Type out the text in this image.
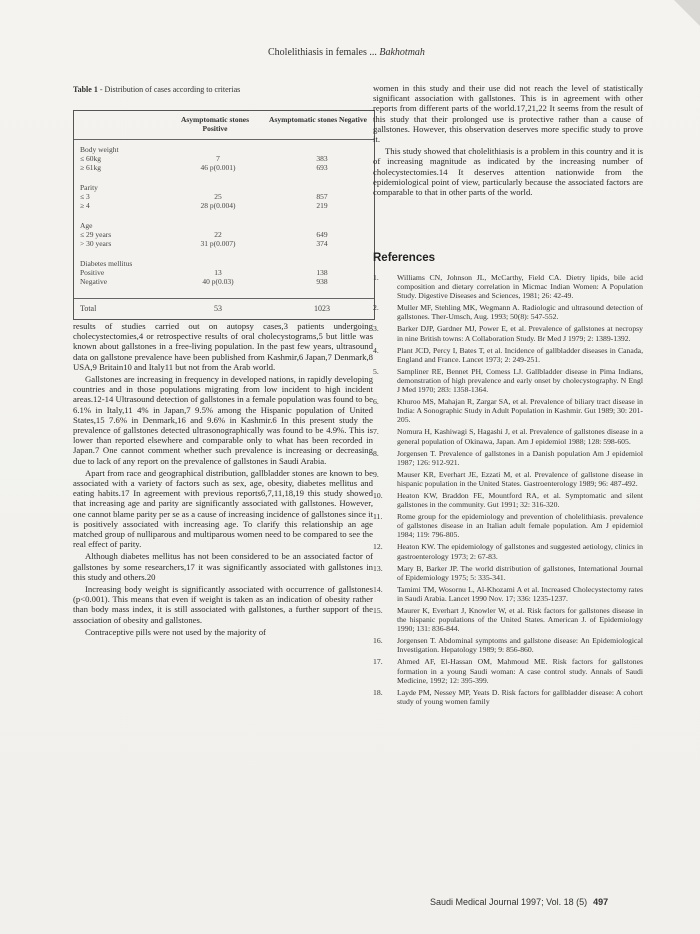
Cholelithiasis in females ... Bakhotmah
Table 1 - Distribution of cases according to criterias
Asymptomatic stones Positive
Asymptomatic stones Negative
Body weight
≤ 60kg	7	383
≥ 61kg	46 p(0.001)	693
Parity
≤ 3	25	857
≥ 4	28 p(0.004)	219
Age
≤ 29 years	22	649
> 30 years	31 p(0.007)	374
Diabetes mellitus
Positive	13	138
Negative	40 p(0.03)	938
Total	53	1023

results of studies carried out on autopsy cases,3 patients undergoing cholecystectomies,4 or retrospective results of oral cholecystograms,5 but little was known about gallstones in a free-living population. In the past few years, ultrasound data on gallstone prevalence have been published from Kashmir,6 Japan,7 Denmark,8 USA,9 Britain10 and Italy11 but not from the Arab world.

Gallstones are increasing in frequency in developed nations, in rapidly developing countries and in those populations migrating from low incident to high incident areas.12-14 Ultrasound detection of gallstones in a female population was found to be 6.1% in Italy,11 4% in Japan,7 9.5% among the Hispanic population of United States,15 7.6% in Denmark,16 and 9.6% in Kashmir.6 In this present study the prevalence of gallstones detected ultrasonographically was found to be 4.9%. This is lower than reported elsewhere and comparable only to what has been recorded in Japan.7 One cannot comment whether such prevalence is increasing or decreasing due to lack of any report on the prevalence of gallstones in Saudi Arabia.

Apart from race and geographical distribution, gallbladder stones are known to be associated with a variety of factors such as sex, age, obesity, diabetes mellitus and eating habits.17 In agreement with previous reports6,7,11,18,19 this study showed that increasing age and parity are significantly associated with gallstones. However, one cannot blame parity per se as a cause of increasing incidence of gallstones since it is positively associated with increasing age. To clarify this relationship an age matched group of nulliparous and multiparous women need to be compared to see the real effect of parity.

Although diabetes mellitus has not been considered to be an associated factor of gallstones by some researchers,17 it was significantly associated with gallstones in this study and others.20

Increasing body weight is significantly associated with occurrence of gallstones (p<0.001). This means that even if weight is taken as an indication of obesity rather than body mass index, it is still associated with gallstones, a further support of the association of obesity and gallstones.

Contraceptive pills were not used by the majority of

women in this study and their use did not reach the level of statistically significant association with gallstones. This is in agreement with other reports from different parts of the world.17,21,22 It seems from the result of this study that their prolonged use is protective rather than a cause of gallstones. However, this observation deserves more specific study to prove it.

This study showed that cholelithiasis is a problem in this country and it is of increasing magnitude as indicated by the increasing number of cholecystectomies.14 It deserves attention nationwide from the epidemiological point of view, particularly because the associated factors are comparable to that in other parts of the world.

References
1.	Williams CN, Johnson JL, McCarthy, Field CA. Dietry lipids, bile acid composition and dietary correlation in Micmac Indian Women: A Population Study. Digestive Diseases and Sciences, 1981; 26: 42-49.
2.	Muller MF, Stehling MK, Wegmann A. Radiologic and ultrasound detection of gallstones. Ther-Umsch, Aug. 1993; 50(8): 547-552.
3.	Barker DJP, Gardner MJ, Power E, et al. Prevalence of gallstones at necropsy in nine British towns: A Collaboration Study. Br Med J 1979; 2: 1389-1392.
4.	Plant JCD, Percy I, Bates T, et al. Incidence of gallbladder diseases in Canada, England and France. Lancet 1973; 2: 249-251.
5.	Sampliner RE, Bennet PH, Comess LJ. Gallbladder disease in Pima Indians, demonstration of high prevalence and early onset by cholecystography. N Engl J Med 1970; 283: 1358-1364.
6.	Khuroo MS, Mahajan R, Zargar SA, et al. Prevalence of biliary tract disease in India: A Sonographic Study in Adult Population in Kashmir. Gut 1989; 30: 201-205.
7.	Nomura H, Kashiwagi S, Hagashi J, et al. Prevalence of gallstones disease in a general population of Okinawa, Japan. Am J epidemiol 1988; 128: 598-605.
8.	Jorgensen T. Prevalence of gallstones in a Danish population Am J epidemiol 1987; 126: 912-921.
9.	Mauser KR, Everhart JE, Ezzati M, et al. Prevalence of gallstone disease in hispanic population in the United States. Gastroenterology 1989; 96: 487-492.
10.	Heaton KW, Braddon FE, Mountford RA, et al. Symptomatic and silent gallstones in the community. Gut 1991; 32: 316-320.
11.	Rome group for the epidemiology and prevention of cholelithiasis. prevalence of gallstones disease in an Italian adult female population. Am J epidemiol 1984; 119: 796-805.
12.	Heaton KW. The epidemiology of gallstones and suggested aetiology, clinics in gastroenterology 1973; 2: 67-83.
13.	Mary B, Barker JP. The world distribution of gallstones, International Journal of Epidemiology 1975; 5: 335-341.
14.	Tamimi TM, Wosornu L, Al-Khozami A et al. Increased Cholecystectomy rates in Saudi Arabia. Lancet 1990 Nov. 17; 336: 1235-1237.
15.	Maurer K, Everhart J, Knowler W, et al. Risk factors for gallstones disease in the hispanic populations of the United States. American J. of Epidemiology 1990; 131: 836-844.
16.	Jorgensen T. Abdominal symptoms and gallstone disease: An Epidemiological Investigation. Hepatology 1989; 9: 856-860.
17.	Ahmed AF, El-Hassan OM, Mahmoud ME. Risk factors for gallstones formation in a young Saudi woman: A case control study. Annals of Saudi Medicine, 1992; 12: 395-399.
18.	Layde PM, Nessey MP, Yeats D. Risk factors for gallbladder disease: A cohort study of young women family
Saudi Medical Journal 1997; Vol. 18 (5) 497
